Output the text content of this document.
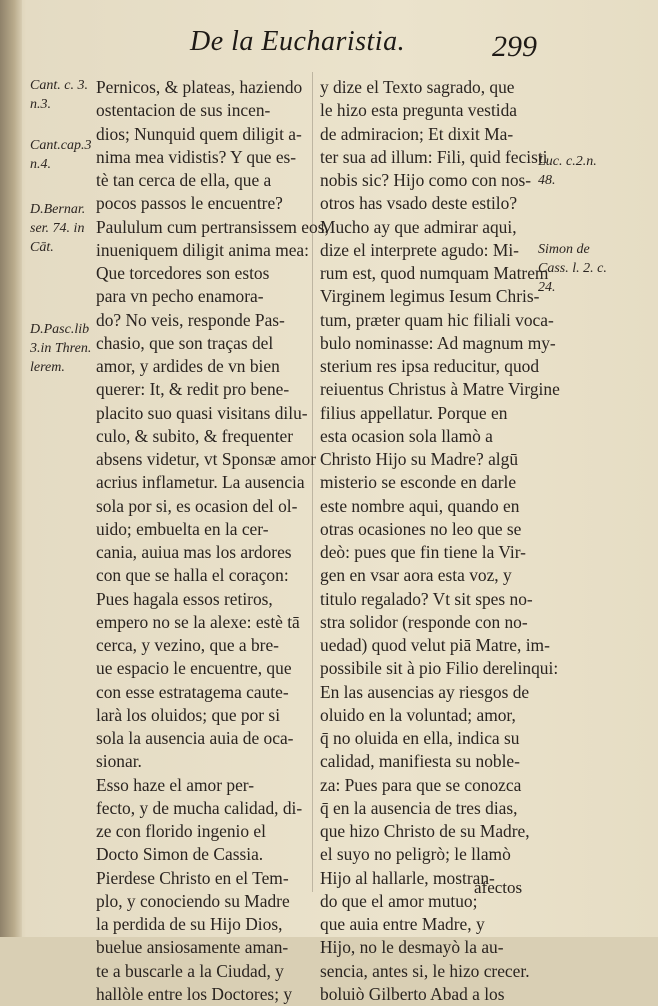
De la Eucharistia.	299
Cant. c. 3.
n.3.
Cant.cap.3
n.4.
D.Bernar.
ser. 74. in
Cāt.
D.Pasc.lib
3.in Thren.
lerem.
Luc. c.2.n.
48.
Simon de
Cass. l. 2. c.
24.
Pernicos, & plateas, haziendo
ostentacion de sus incen-
dios; Nunquid quem diligit a-
nima mea vidistis? Y que es-
tè tan cerca de ella, que a
pocos passos le encuentre?
Paululum cum pertransissem eos,
inueniquem diligit anima mea:
Que torcedores son estos
para vn pecho enamora-
do? No veis, responde Pas-
chasio, que son traças del
amor, y ardides de vn bien
querer: It, & redit pro bene-
placito suo quasi visitans dilu-
culo, & subito, & frequenter
absens videtur, vt Sponsæ amor
acrius inflametur. La ausencia
sola por si, es ocasion del ol-
uido; embuelta en la cer-
cania, auiua mas los ardores
con que se halla el coraçon:
Pues hagala essos retiros,
empero no se la alexe: estè tā
cerca, y vezino, que a bre-
ue espacio le encuentre, que
con esse estratagema caute-
larà los oluidos; que por si
sola la ausencia auia de oca-
sionar.
Esso haze el amor per-
fecto, y de mucha calidad, di-
ze con florido ingenio el
Docto Simon de Cassia.
Pierdese Christo en el Tem-
plo, y conociendo su Madre
la perdida de su Hijo Dios,
buelue ansiosamente aman-
te a buscarle a la Ciudad, y
hallòle entre los Doctores; y
y dize el Texto sagrado, que
le hizo esta pregunta vestida
de admiracion; Et dixit Ma-
ter sua ad illum: Fili, quid fecisti
nobis sic? Hijo como con nos-
otros has vsado deste estilo?
Mucho ay que admirar aqui,
dize el interprete agudo: Mi-
rum est, quod numquam Matrem
Virginem legimus Iesum Chris-
tum, præter quam hic filiali voca-
bulo nominasse: Ad magnum my-
sterium res ipsa reducitur, quod
reiuentus Christus à Matre Virgine
filius appellatur. Porque en
esta ocasion sola llamò a
Christo Hijo su Madre? algū
misterio se esconde en darle
este nombre aqui, quando en
otras ocasiones no leo que se
deò: pues que fin tiene la Vir-
gen en vsar aora esta voz, y
titulo regalado? Vt sit spes no-
stra solidor (responde con no-
uedad) quod velut piā Matre, im-
possibile sit à pio Filio derelinqui:
En las ausencias ay riesgos de
oluido en la voluntad; amor,
q̄ no oluida en ella, indica su
calidad, manifiesta su noble-
za: Pues para que se conozca
q̄ en la ausencia de tres dias,
que hizo Christo de su Madre,
el suyo no peligrò; le llamò
Hijo al hallarle, mostran-
do que el amor mutuo;
que auia entre Madre, y
Hijo, no le desmayò la au-
sencia, antes si, le hizo crecer.
boluiò Gilberto Abad a los
afectos
